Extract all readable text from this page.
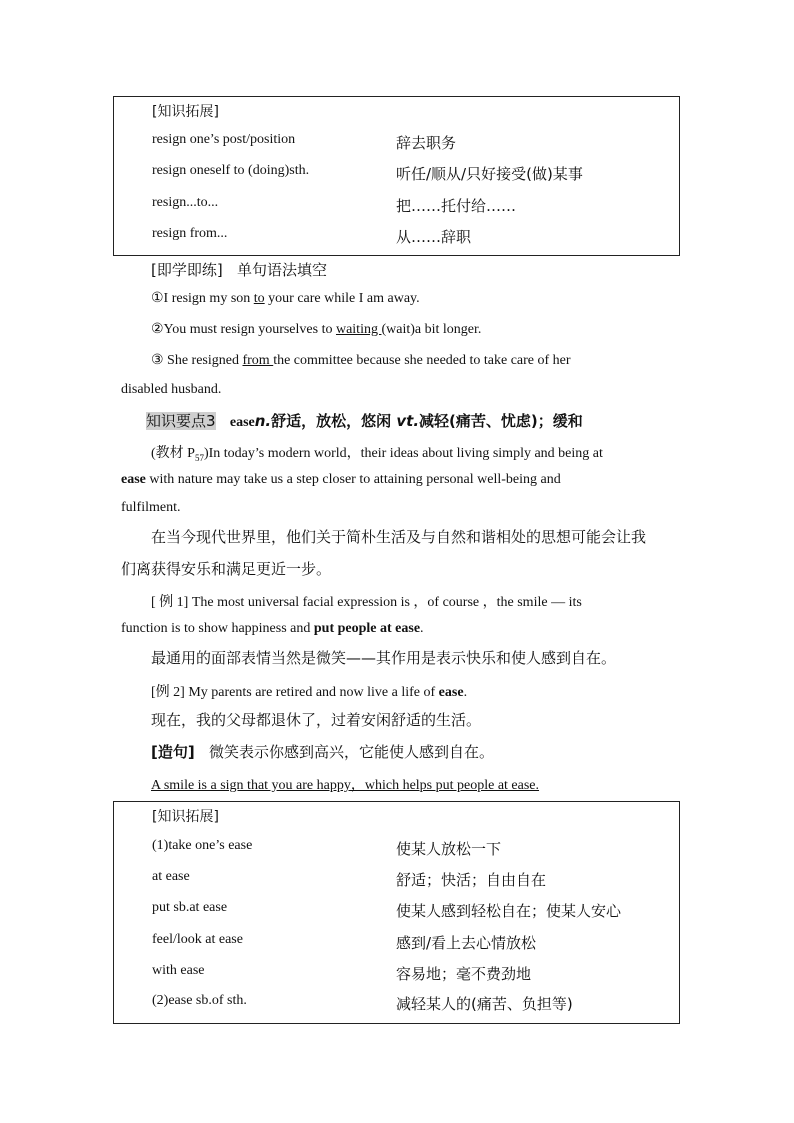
[知识拓展]
resign one’s post/position	辞去职务
resign oneself to (doing)sth.	听任/顺从/只好接受(做)某事
resign...to...	把……托付给……
resign from...	从……辞职
[即学即练] 单句语法填空
①I resign my son to your care while I am away.
②You must resign yourselves to waiting (wait)a bit longer.
③ She resigned from the committee because she needed to take care of her
disabled husband.
知识要点3 easen.舒适，放松，悠闲 vt.减轻(痛苦、忧虑)；缓和
(教材 $P_{57})In$ today’s modern world，their ideas about living simply and being at
ease with nature may take us a step closer to attaining personal well-being and
fulfilment.
在当今现代世界里，他们关于简朴生活及与自然和谐相处的思想可能会让我
们离获得安乐和满足更近一步。
[ 例 1] The most universal facial expression is ，of course ，the smile — its
function is to show happiness and put people at ease.
最通用的面部表情当然是微笑——其作用是表示快乐和使人感到自在。
[例 2] My parents are retired and now live a life of ease.
现在，我的父母都退休了，过着安闲舒适的生活。
[造句] 微笑表示你感到高兴，它能使人感到自在。
A smile is a sign that you are happy，which helps put people at ease.
[知识拓展]
(1)take one’s ease	使某人放松一下
at ease	舒适；快活；自由自在
put sb.at ease	使某人感到轻松自在；使某人安心
feel/look at ease	感到/看上去心情放松
with ease	容易地；毫不费劲地
(2)ease sb.of sth.	减轻某人的(痛苦、负担等)
